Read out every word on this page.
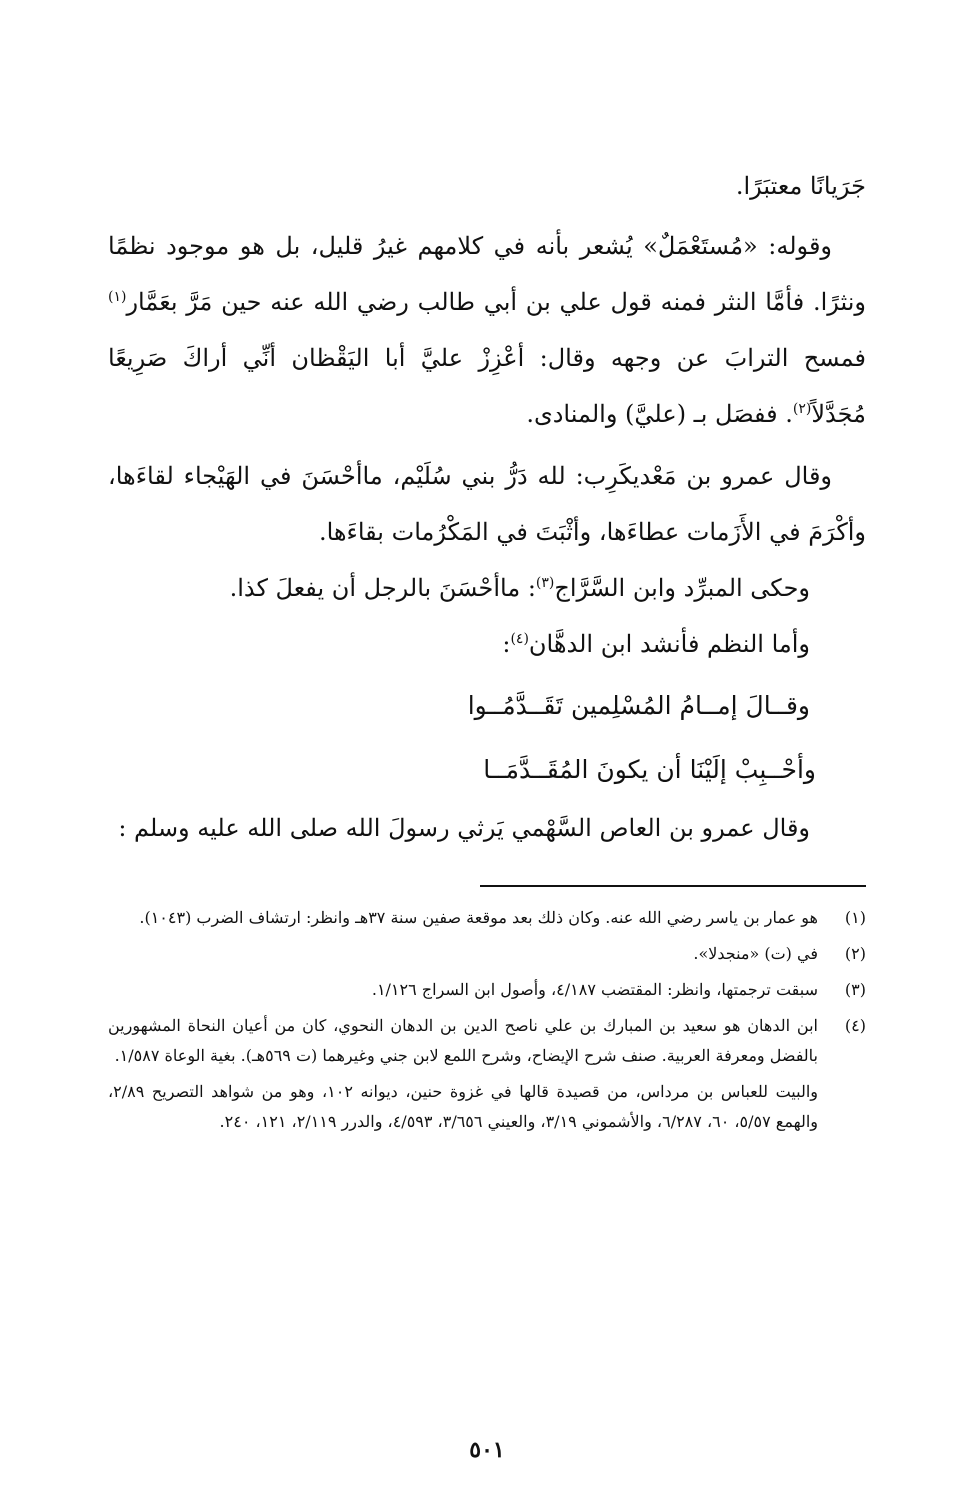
جَرَيانًا معتبَرًا.

وقوله: «مُستَعْمَلٌ» يُشعر بأنه في كلامهم غيرُ قليل، بل هو موجود نظمًا ونثرًا. فأمَّا النثر فمنه قول علي بن أبي طالب رضي الله عنه حين مَرَّ بعَمَّار$^{(١)}$ فمسح الترابَ عن وجهه وقال: أعْزِزْ عليَّ أبا اليَقْظان أنِّي أراكَ صَرِيعًا مُجَدَّلاً$^{(٢)}$. ففصَل بـ (عليَّ) والمنادى.

وقال عمرو بن مَعْديكَرِب: لله دَرُّ بني سُلَيْم، ماأحْسَنَ في الهَيْجاء لقاءَها، وأكْرَمَ في الأَزَمات عطاءَها، وأثْبَتَ في المَكْرُمات بقاءَها.

وحكى المبرِّد وابن السَّرَّاج$^{(٣)}$: ماأحْسَنَ بالرجل أن يفعلَ كذا.

وأما النظم فأنشد ابن الدهَّان$^{(٤)}$:

وقــالَ إمــامُ المُسْلِمين تَقَــدَّمُــوا

وأحْــبِبْ إلَيْنَا أن يكونَ المُقَــدَّمَــا

وقال عمرو بن العاص السَّهْمي يَرثي رسولَ الله صلى الله عليه وسلم :

(١)
هو عمار بن ياسر رضي الله عنه. وكان ذلك بعد موقعة صفين سنة ٣٧هـ وانظر: ارتشاف الضرب (١٠٤٣).
(٢)
في (ت) «منجدلا».
(٣)
سبقت ترجمتها، وانظر: المقتضب ٤/١٨٧، وأصول ابن السراج ١/١٢٦.
(٤)
ابن الدهان هو سعيد بن المبارك بن علي ناصح الدين بن الدهان النحوي، كان من أعيان النحاة المشهورين بالفضل ومعرفة العربية. صنف شرح الإيضاح، وشرح اللمع لابن جني وغيرهما (ت ٥٦٩هـ). بغية الوعاة ١/٥٨٧.
والبيت للعباس بن مرداس، من قصيدة قالها في غزوة حنين، ديوانه ١٠٢، وهو من شواهد التصريح ٢/٨٩، والهمع ٥/٥٧، ٦٠، ٦/٢٨٧، والأشموني ٣/١٩، والعيني ٣/٦٥٦، ٤/٥٩٣، والدرر ٢/١١٩، ١٢١، ٢٤٠.
٥٠١
